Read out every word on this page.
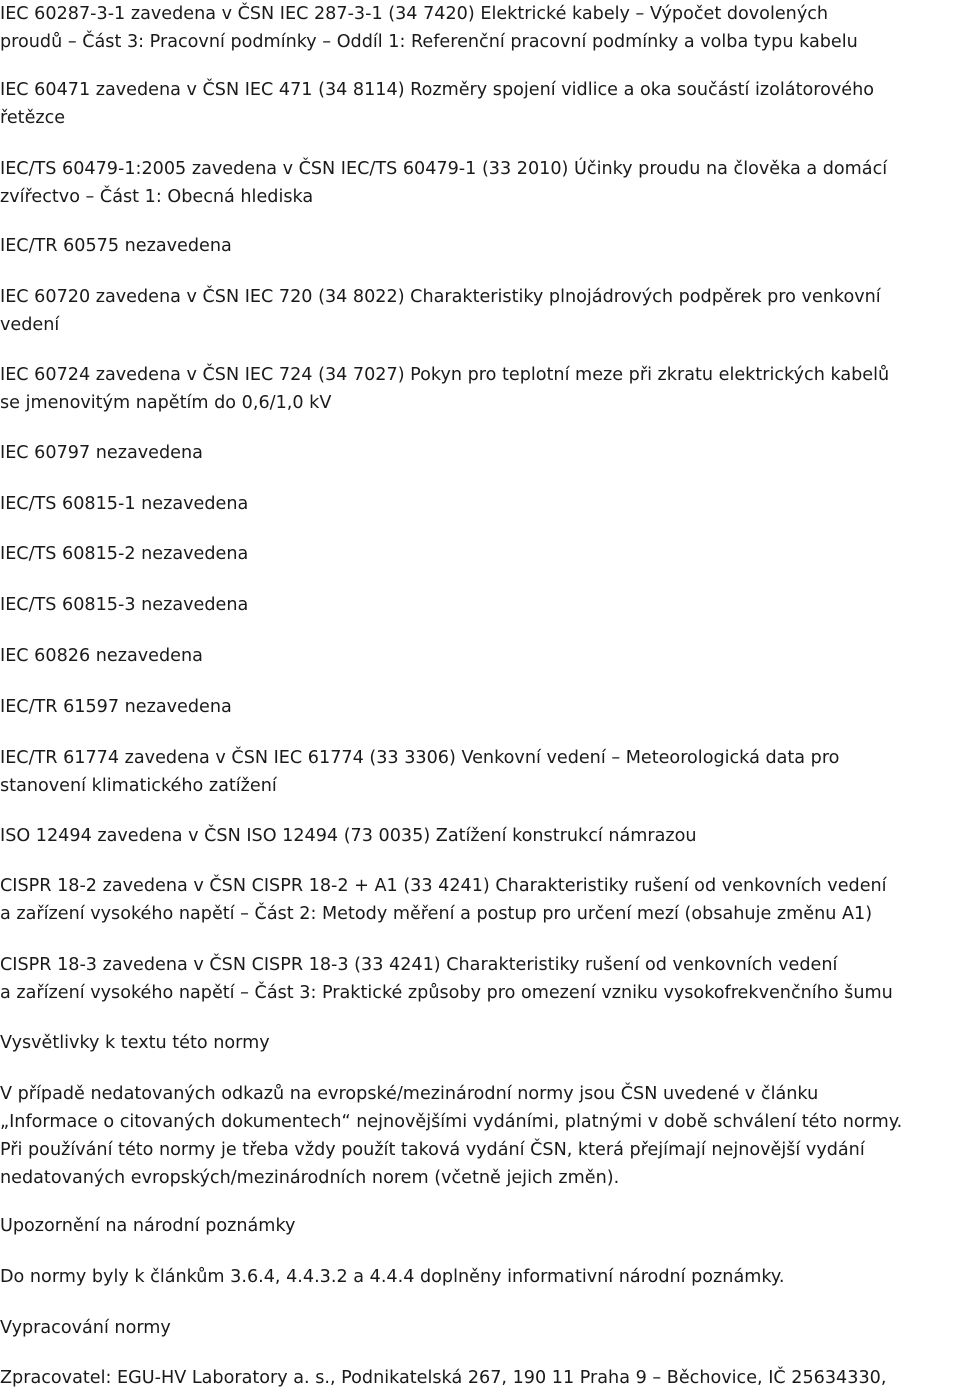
IEC 60287-3-1 zavedena v ČSN IEC 287-3-1 (34 7420) Elektrické kabely – Výpočet dovolených
proudů – Část 3: Pracovní podmínky – Oddíl 1: Referenční pracovní podmínky a volba typu kabelu

IEC 60471 zavedena v ČSN IEC 471 (34 8114) Rozměry spojení vidlice a oka součástí izolátorového
řetězce

IEC/TS 60479-1:2005 zavedena v ČSN IEC/TS 60479-1 (33 2010) Účinky proudu na člověka a domácí
zvířectvo – Část 1: Obecná hlediska

IEC/TR 60575 nezavedena

IEC 60720 zavedena v ČSN IEC 720 (34 8022) Charakteristiky plnojádrových podpěrek pro venkovní
vedení

IEC 60724 zavedena v ČSN IEC 724 (34 7027) Pokyn pro teplotní meze při zkratu elektrických kabelů
se jmenovitým napětím do 0,6/1,0 kV

IEC 60797 nezavedena

IEC/TS 60815-1 nezavedena

IEC/TS 60815-2 nezavedena

IEC/TS 60815-3 nezavedena

IEC 60826 nezavedena

IEC/TR 61597 nezavedena

IEC/TR 61774 zavedena v ČSN IEC 61774 (33 3306) Venkovní vedení – Meteorologická data pro
stanovení klimatického zatížení

ISO 12494 zavedena v ČSN ISO 12494 (73 0035) Zatížení konstrukcí námrazou

CISPR 18-2 zavedena v ČSN CISPR 18-2 + A1 (33 4241) Charakteristiky rušení od venkovních vedení
a zařízení vysokého napětí – Část 2: Metody měření a postup pro určení mezí (obsahuje změnu A1)

CISPR 18-3 zavedena v ČSN CISPR 18-3 (33 4241) Charakteristiky rušení od venkovních vedení
a zařízení vysokého napětí – Část 3: Praktické způsoby pro omezení vzniku vysokofrekvenčního šumu

Vysvětlivky k textu této normy

V případě nedatovaných odkazů na evropské/mezinárodní normy jsou ČSN uvedené v článku
„Informace o citovaných dokumentech“ nejnovějšími vydáními, platnými v době schválení této normy.
Při používání této normy je třeba vždy použít taková vydání ČSN, která přejímají nejnovější vydání
nedatovaných evropských/mezinárodních norem (včetně jejich změn).

Upozornění na národní poznámky

Do normy byly k článkům 3.6.4, 4.4.3.2 a 4.4.4 doplněny informativní národní poznámky.

Vypracování normy

Zpracovatel: EGU-HV Laboratory a. s., Podnikatelská 267, 190 11 Praha 9 – Běchovice, IČ 25634330,
